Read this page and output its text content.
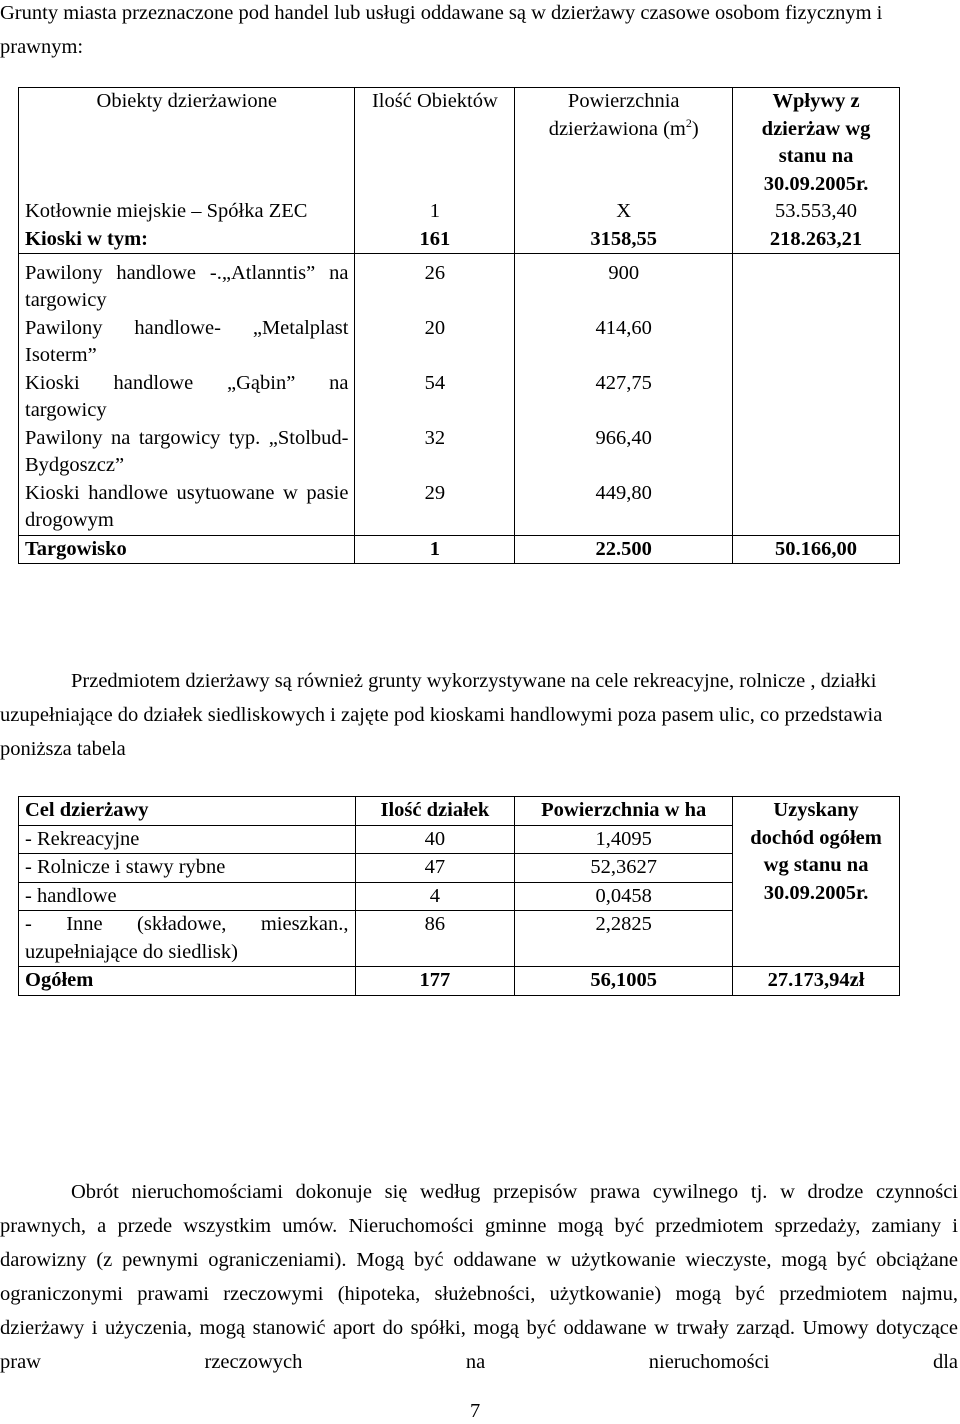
Grunty miasta przeznaczone pod handel lub usługi oddawane są w dzierżawy czasowe osobom fizycznym i prawnym:

Obiekty dzierżawione	Ilość Obiektów	Powierzchnia dzierżawiona $(m^2)$	Wpływy z dzierżaw wg stanu na 30.09.2005r.
Kotłownie miejskie – Spółka ZEC	1	X	53.553,40
Kioski w tym:	161	3158,55	218.263,21

Pawilony handlowe -.„Atlanntis” na targowicy	26	900	
Pawilony handlowe- „Metalplast Isoterm”	20	414,60	
Kioski handlowe „Gąbin” na targowicy	54	427,75	
Pawilony na targowicy typ. „Stolbud-Bydgoszcz”	32	966,40	
Kioski handlowe usytuowane w pasie drogowym	29	449,80	
Targowisko	1	22.500	50.166,00

Przedmiotem dzierżawy są również grunty wykorzystywane na cele rekreacyjne, rolnicze , działki uzupełniające do działek siedliskowych i zajęte pod kioskami handlowymi poza pasem ulic, co przedstawia poniższa tabela

Cel dzierżawy	Ilość działek	Powierzchnia w ha	Uzyskany dochód ogółem wg stanu na 30.09.2005r.
- Rekreacyjne	40	1,4095	
- Rolnicze i stawy rybne	47	52,3627	
- handlowe	4	0,0458	
- Inne (składowe, mieszkan., uzupełniające do siedlisk)	86	2,2825	
Ogółem	177	56,1005	27.173,94zł

Obrót nieruchomościami dokonuje się według przepisów prawa cywilnego tj. w drodze czynności prawnych, a przede wszystkim umów. Nieruchomości gminne mogą być przedmiotem sprzedaży, zamiany i darowizny (z pewnymi ograniczeniami). Mogą być oddawane w użytkowanie wieczyste, mogą być obciążane ograniczonymi prawami rzeczowymi (hipoteka, służebności, użytkowanie) mogą być przedmiotem najmu, dzierżawy i użyczenia, mogą stanowić aport do spółki, mogą być oddawane w trwały zarząd. Umowy dotyczące praw rzeczowych na nieruchomości dla

7
